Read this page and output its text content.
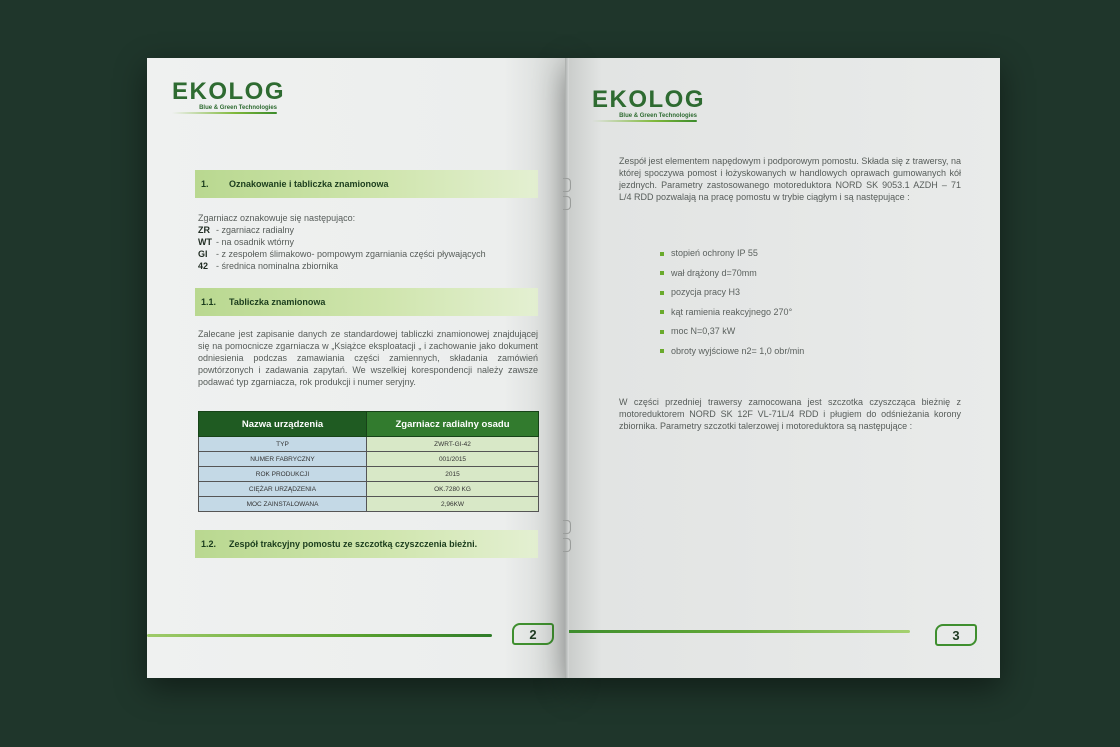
EKOLOG
Blue & Green Technologies
1.	Oznakowanie i tabliczka znamionowa
Zgarniacz oznakowuje się następująco:
ZR - zgarniacz radialny
WT - na osadnik wtórny
GI - z zespołem ślimakowo- pompowym zgarniania części pływających
42 - średnica nominalna zbiornika
1.1.	Tabliczka znamionowa
Zalecane jest zapisanie danych ze standardowej tabliczki znamionowej znajdującej się na pomocnicze zgarniacza w „Książce eksploatacji „ i zachowanie jako dokument odniesienia podczas zamawiania części zamiennych, składania zamówień powtórzonych i zadawania zapytań. We wszelkiej korespondencji należy zawsze podawać typ zgarniacza, rok produkcji i numer seryjny.
Nazwa urządzenia	Zgarniacz radialny osadu
TYP	ZWRT-GI-42
NUMER FABRYCZNY	001/2015
ROK PRODUKCJI	2015
CIĘŻAR URZĄDZENIA	OK.7280 KG
MOC ZAINSTALOWANA	2,96KW
1.2.	Zespół trakcyjny pomostu ze szczotką czyszczenia bieżni.
2
EKOLOG
Blue & Green Technologies
Zespół jest elementem napędowym i podporowym pomostu. Składa się z trawersy, na której spoczywa pomost i łożyskowanych w handlowych oprawach gumowanych kół jezdnych. Parametry zastosowanego motoreduktora NORD SK 9053.1 AZDH – 71 L/4 RDD pozwalają na pracę pomostu w trybie ciągłym i są następujące :
stopień ochrony IP 55
wał drążony d=70mm
pozycja pracy H3
kąt ramienia reakcyjnego 270°
moc N=0,37 kW
obroty wyjściowe n2= 1,0 obr/min
W części przedniej trawersy zamocowana jest szczotka czyszcząca bieżnię z motoreduktorem NORD SK 12F VL-71L/4 RDD i pługiem do odśnieżania korony zbiornika. Parametry szczotki talerzowej i motoreduktora są następujące :
3
